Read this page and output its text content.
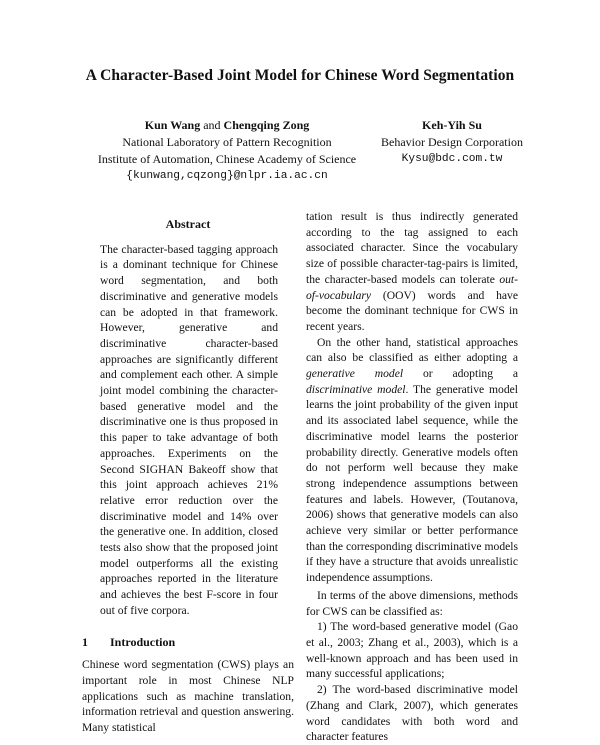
A Character-Based Joint Model for Chinese Word Segmentation
Kun Wang and Chengqing Zong
National Laboratory of Pattern Recognition
Institute of Automation, Chinese Academy of Science
{kunwang,cqzong}@nlpr.ia.ac.cn
Keh-Yih Su
Behavior Design Corporation
Kysu@bdc.com.tw
Abstract

The character-based tagging approach is a dominant technique for Chinese word segmentation, and both discriminative and generative models can be adopted in that framework. However, generative and discriminative character-based approaches are significantly different and complement each other. A simple joint model combining the character-based generative model and the discriminative one is thus proposed in this paper to take advantage of both approaches. Experiments on the Second SIGHAN Bakeoff show that this joint approach achieves 21% relative error reduction over the discriminative model and 14% over the generative one. In addition, closed tests also show that the proposed joint model outperforms all the existing approaches reported in the literature and achieves the best F-score in four out of five corpora.

1 Introduction

Chinese word segmentation (CWS) plays an important role in most Chinese NLP applications such as machine translation, information retrieval and question answering. Many statistical

tation result is thus indirectly generated according to the tag assigned to each associated character. Since the vocabulary size of possible character-tag-pairs is limited, the character-based models can tolerate out-of-vocabulary (OOV) words and have become the dominant technique for CWS in recent years.

On the other hand, statistical approaches can also be classified as either adopting a generative model or adopting a discriminative model. The generative model learns the joint probability of the given input and its associated label sequence, while the discriminative model learns the posterior probability directly. Generative models often do not perform well because they make strong independence assumptions between features and labels. However, (Toutanova, 2006) shows that generative models can also achieve very similar or better performance than the corresponding discriminative models if they have a structure that avoids unrealistic independence assumptions.

In terms of the above dimensions, methods for CWS can be classified as:

1) The word-based generative model (Gao et al., 2003; Zhang et al., 2003), which is a well-known approach and has been used in many successful applications;

2) The word-based discriminative model (Zhang and Clark, 2007), which generates word candidates with both word and character features
